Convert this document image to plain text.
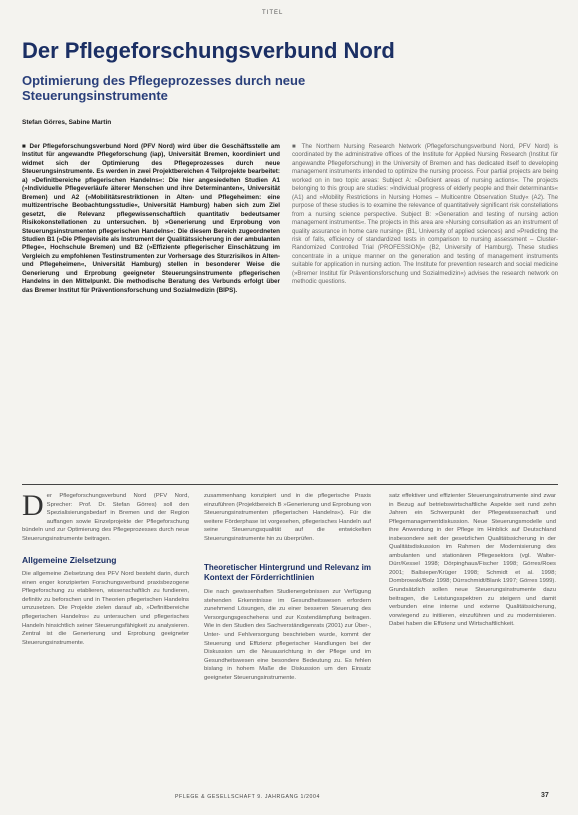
TITEL
Der Pflegeforschungsverbund Nord
Optimierung des Pflegeprozesses durch neue Steuerungsinstrumente
Stefan Görres, Sabine Martin
■ Der Pflegeforschungsverbund Nord (PFV Nord) wird über die Geschäftsstelle am Institut für angewandte Pflegeforschung (iap), Universität Bremen, koordiniert und widmet sich der Optimierung des Pflegeprozesses durch neue Steuerungsinstrumente. Es werden in zwei Projektbereichen 4 Teilprojekte bearbeitet: a) »Definitbereiche pflegerischen Handelns«: Die hier angesiedelten Studien A1 (»Individuelle Pflegeverläufe älterer Menschen und ihre Determinanten«, Universität Bremen) und A2 (»Mobilitätsrestriktionen in Alten- und Pflegeheimen: eine multizentrische Beobachtungsstudie«, Universität Hamburg) haben sich zum Ziel gesetzt, die Relevanz pflegewissenschaftlich quantitativ bedeutsamer Risikokonstellationen zu untersuchen. b) »Generierung und Erprobung von Steuerungsinstrumenten pflegerischen Handelns«: Die diesem Bereich zugeordneten Studien B1 (»Die Pflegevisite als Instrument der Qualitätssicherung in der ambulanten Pflege«, Hochschule Bremen) und B2 (»Effiziente pflegerischer Einschätzung im Vergleich zu empfohlenen Testinstrumenten zur Vorhersage des Sturzrisikos in Alten- und Pflegeheimen«, Universität Hamburg) stellen in besonderer Weise die Generierung und Erprobung geeigneter Steuerungsinstrumente pflegerischen Handelns in den Mittelpunkt. Die methodische Beratung des Verbunds erfolgt über das Bremer Institut für Präventionsforschung und Sozialmedizin (BIPS).
■ The Northern Nursing Research Network (Pflegeforschungsverbund Nord, PFV Nord) is coordinated by the administrative offices of the Institute for Applied Nursing Research (Institut für angewandte Pflegeforschung) in the University of Bremen and has dedicated itself to developing management instruments intended to optimize the nursing process. Four partial projects are being worked on in two topic areas: Subject A: »Deficient areas of nursing actions«. The projects belonging to this group are studies: »Individual progress of elderly people and their determinants« (A1) and »Mobility Restrictions in Nursing Homes – Multicentre Observation Study« (A2). The purpose of these studies is to examine the relevance of quantitatively significant risk constellations from a nursing science perspective. Subject B: »Generation and testing of nursing action management instruments«. The projects in this area are »Nursing consultation as an instrument of quality assurance in home care nursing« (B1, University of applied sciences) and »Predicting the risk of falls, efficiency of standardized tests in comparison to nursing assessment – Cluster-Randomized Controlled Trial (PROFESSION)« (B2, University of Hamburg). These studies concentrate in a unique manner on the generation and testing of management instruments suitable for application in nursing action. The Institute for prevention research and social medicine (»Bremer Institut für Präventionsforschung und Sozialmedizin«) advises the research network on methodic questions.
D er Pflegeforschungsverbund Nord (PFV Nord, Sprecher: Prof. Dr. Stefan Görres) soll den Spezialisierungsbedarf in Bremen und der Region auffangen sowie Einzelprojekte der Pflegeforschung bündeln und zur Optimierung des Pflegeprozesses durch neue Steuerungsinstrumente beitragen.
Allgemeine Zielsetzung
Die allgemeine Zielsetzung des PFV Nord besteht darin, durch einen enger konzipierten Forschungsverbund praxisbezogene Pflegeforschung zu etablieren, wissenschaftlich zu fundieren, definitiv zu beforschen und in Theorien pflegerischen Handelns umzusetzen. Die Projekte zielen darauf ab, »Definitbereiche pflegerischen Handelns« zu untersuchen und pflegerisches Handeln hinsichtlich seiner Steuerungsfähigkeit zu analysieren. Zentral ist die Generierung und Erprobung geeigneter Steuerungsinstrumente.
zusammenhang konzipiert und in die pflegerische Praxis einzuführen (Projektbereich B »Generierung und Erprobung von Steuerungsinstrumenten pflegerischen Handelns«). Für die weitere Förderphase ist vorgesehen, pflegerisches Handeln auf seine Steuerungsqualität auf die entwickelten Steuerungsinstrumente hin zu überprüfen.
Theoretischer Hintergrund und Relevanz im Kontext der Förderrichtlinien
Die nach gewissenhaften Studienergebnissen zur Verfügung stehenden Erkenntnisse im Gesundheitswesen erfordern zunehmend Lösungen, die zu einer besseren Steuerung des Versorgungsgeschehens und zur Kostendämpfung beitragen. Wie in den Studien des Sachverständigenrats (2001) zur Über-, Unter- und Fehlversorgung beschrieben wurde, kommt der Steuerung und Effizienz pflegerischer Handlungen bei der Diskussion um die Neuausrichtung in der Pflege und im Gesundheitswesen eine besondere Bedeutung zu. Es fehlen bislang in hohem Maße die Diskussion um den Einsatz geeigneter Steuerungsinstrumente.
satz effektiver und effizienter Steuerungsinstrumente sind zwar in Bezug auf betriebswirtschaftliche Aspekte seit rund zehn Jahren ein Schwerpunkt der Pflegewissenschaft und Pflegemanagementdiskussion. Neue Steuerungsmodelle und ihre Anwendung in der Pflege im Hinblick auf Deutschland insbesondere seit der gesetzlichen Qualitätssicherung in der Qualitätsdiskussion im Rahmen der Modernisierung des ambulanten und stationären Pflegesektors (vgl. Walter-Dürr/Kessel 1998; Dörpinghaus/Fischer 1998; Görres/Roes 2001; Ballsieper/Krüger 1998; Schmidt et al. 1998; Dombrowski/Bolz 1998; Dürrschmidt/Blank 1997; Görres 1999). Grundsätzlich sollen neue Steuerungsinstrumente dazu beitragen, die Leistungsspektren zu steigern und damit verbunden eine interne und externe Qualitätssicherung, vorwiegend zu initiieren, einzuführen und zu modernisieren. Dabei haben die Effizienz und Wirtschaftlichkeit.
PFLEGE & GESELLSCHAFT 9. JAHRGANG 1/2004	37
